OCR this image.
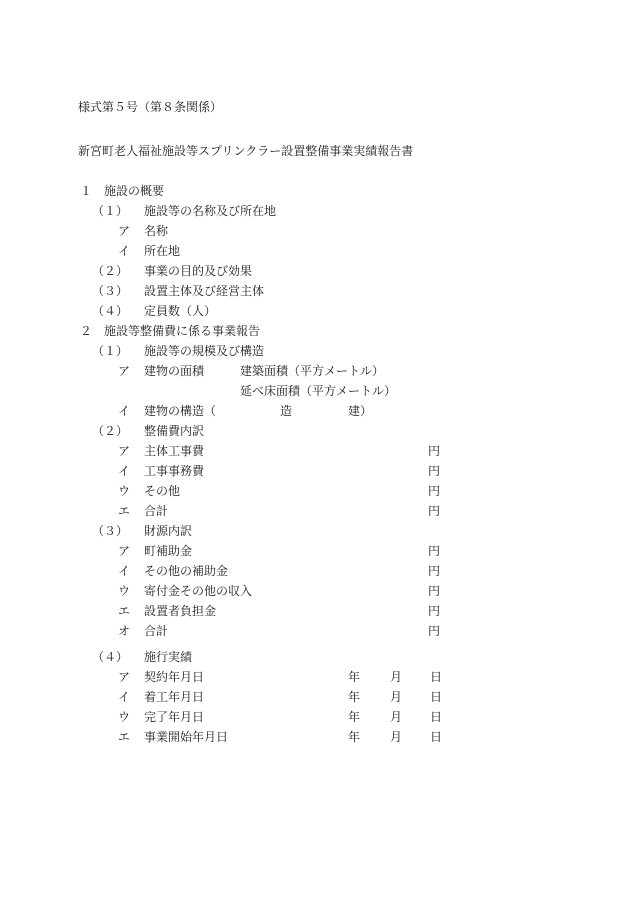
様式第５号（第８条関係）
新宮町老人福祉施設等スプリンクラー設置整備事業実績報告書
１ 施設の概要
（１） 施設等の名称及び所在地
ア 名称
イ 所在地
（２） 事業の目的及び効果
（３） 設置主体及び経営主体
（４） 定員数（人）
２ 施設等整備費に係る事業報告
（１） 施設等の規模及び構造
ア 建物の面積	建築面積（平方メートル）
延べ床面積（平方メートル）
イ 建物の構造（	造	建）
（２） 整備費内訳
ア 主体工事費	円
イ 工事事務費	円
ウ その他	円
エ 合計	円
（３） 財源内訳
ア 町補助金	円
イ その他の補助金	円
ウ 寄付金その他の収入	円
エ 設置者負担金	円
オ 合計	円
（４） 施行実績
ア 契約年月日	年 月 日
イ 着工年月日	年 月 日
ウ 完了年月日	年 月 日
エ 事業開始年月日	年 月 日
